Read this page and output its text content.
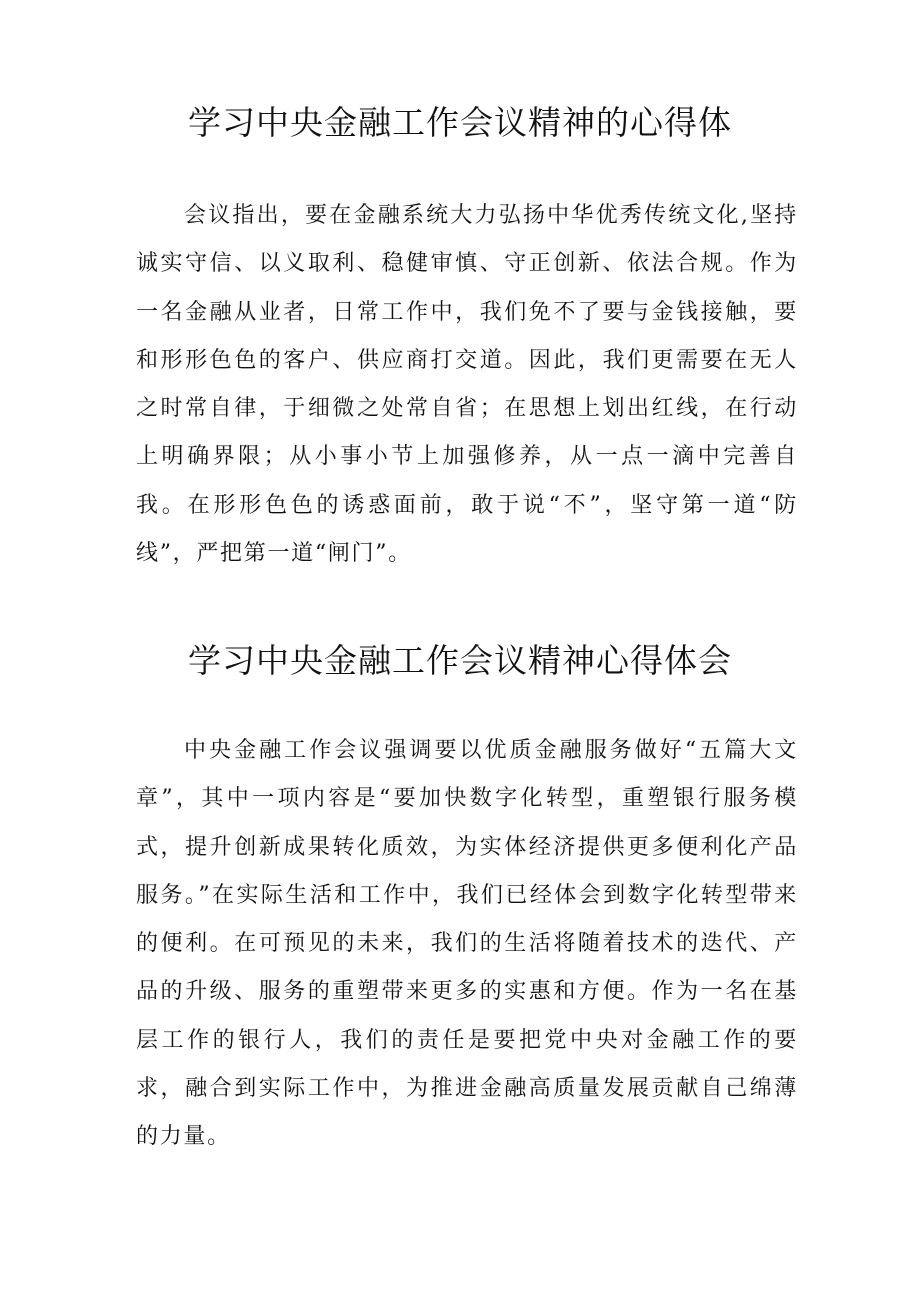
学习中央金融工作会议精神的心得体

会议指出，要在金融系统大力弘扬中华优秀传统文化,坚持诚实守信、以义取利、稳健审慎、守正创新、依法合规。作为一名金融从业者，日常工作中，我们免不了要与金钱接触，要和形形色色的客户、供应商打交道。因此，我们更需要在无人之时常自律，于细微之处常自省；在思想上划出红线，在行动上明确界限；从小事小节上加强修养，从一点一滴中完善自我。在形形色色的诱惑面前，敢于说“不”，坚守第一道“防线”，严把第一道“闸门”。

学习中央金融工作会议精神心得体会

中央金融工作会议强调要以优质金融服务做好“五篇大文章”，其中一项内容是“要加快数字化转型，重塑银行服务模式，提升创新成果转化质效，为实体经济提供更多便利化产品服务。”在实际生活和工作中，我们已经体会到数字化转型带来的便利。在可预见的未来，我们的生活将随着技术的迭代、产品的升级、服务的重塑带来更多的实惠和方便。作为一名在基层工作的银行人，我们的责任是要把党中央对金融工作的要求，融合到实际工作中，为推进金融高质量发展贡献自己绵薄的力量。
